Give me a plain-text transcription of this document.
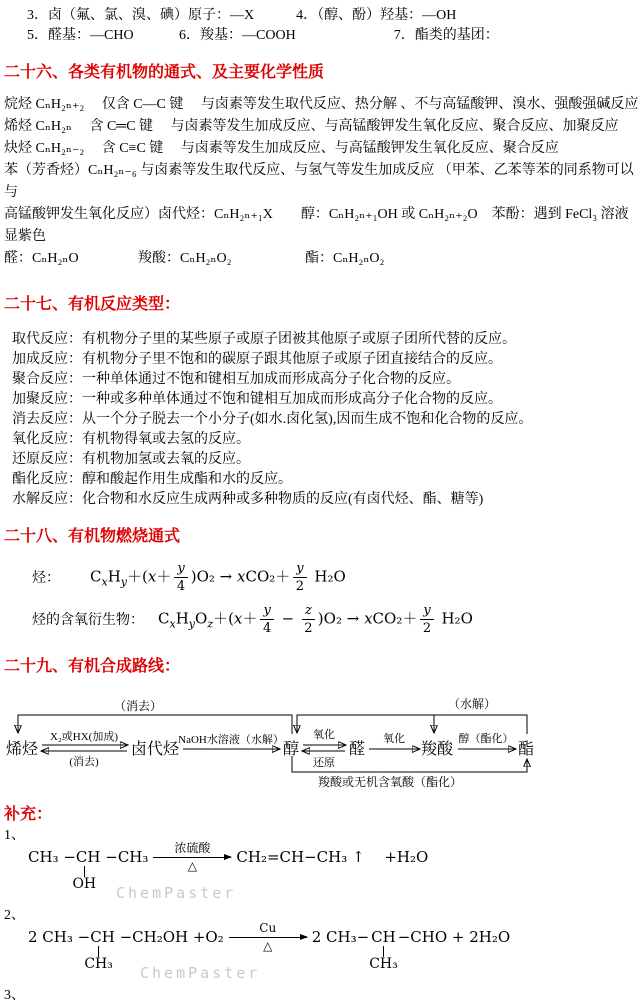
3．卤（氟、氯、溴、碘）原子：—X　　　4．（醇、酚）羟基：—OH
5．醛基：—CHO　　　 6．羧基：—COOH　　　　　　　7．酯类的基团：
二十六、各类有机物的通式、及主要化学性质
烷烃 CₙH₂ₙ₊₂　 仅含 C—C 键　 与卤素等发生取代反应、热分解 、不与高锰酸钾、溴水、强酸强碱反应
烯烃 CₙH₂ₙ　 含 C═C 键　 与卤素等发生加成反应、与高锰酸钾发生氧化反应、聚合反应、加聚反应
炔烃 CₙH₂ₙ₋₂　 含 C≡C 键　 与卤素等发生加成反应、与高锰酸钾发生氧化反应、聚合反应
苯（芳香烃）CₙH₂ₙ₋₆ 与卤素等发生取代反应、与氢气等发生加成反应 （甲苯、乙苯等苯的同系物可以与
高锰酸钾发生氧化反应）卤代烃：CₙH₂ₙ₊₁X　　醇：CₙH₂ₙ₊₁OH 或 CₙH₂ₙ₊₂O　苯酚：遇到 FeCl₃ 溶液显紫色
醛：CₙH₂ₙO　　　　 羧酸：CₙH₂ₙO₂　　　　　 酯：CₙH₂ₙO₂
二十七、有机反应类型：
取代反应：有机物分子里的某些原子或原子团被其他原子或原子团所代替的反应。
加成反应：有机物分子里不饱和的碳原子跟其他原子或原子团直接结合的反应。
聚合反应：一种单体通过不饱和键相互加成而形成高分子化合物的反应。
加聚反应：一种或多种单体通过不饱和键相互加成而形成高分子化合物的反应。
消去反应：从一个分子脱去一个小分子(如水.卤化氢),因而生成不饱和化合物的反应。
氧化反应：有机物得氧或去氢的反应。
还原反应：有机物加氢或去氧的反应。
酯化反应：醇和酸起作用生成酯和水的反应。
水解反应：化合物和水反应生成两种或多种物质的反应(有卤代烃、酯、糖等)
二十八、有机物燃烧通式
烃： $C_xH_y+(x+ \frac{y}{4} )O_2 \to xCO_2+ \frac{y}{2} H_2O$
烃的含氧衍生物： $C_xH_yO_z+(x+ \frac{y}{4} - \frac{z}{2} )O_2 \to xCO_2+ \frac{y}{2} H_2O$
二十九、有机合成路线：
烯烃	卤代烃	醇	醛	羧酸	酯
X₂或HX(加成)
(消去)
NaOH水溶液（水解）	氧化
还原
氧化	醇（酯化）
（消去）	（水解）
羧酸或无机含氧酸（酯化）
补充：
1、
CH₃ −CH
OH
−CH₃ 浓硫酸
△	CH₂=CH−CH₃ ↑　 +H₂O
ChemPaster
2、
2 CH₃ −CH
CH₃
−CH₂OH +O₂	Cu
△	2 CH₃− CH
CH₃
−CHO + 2H₂O
ChemPaster
3、
